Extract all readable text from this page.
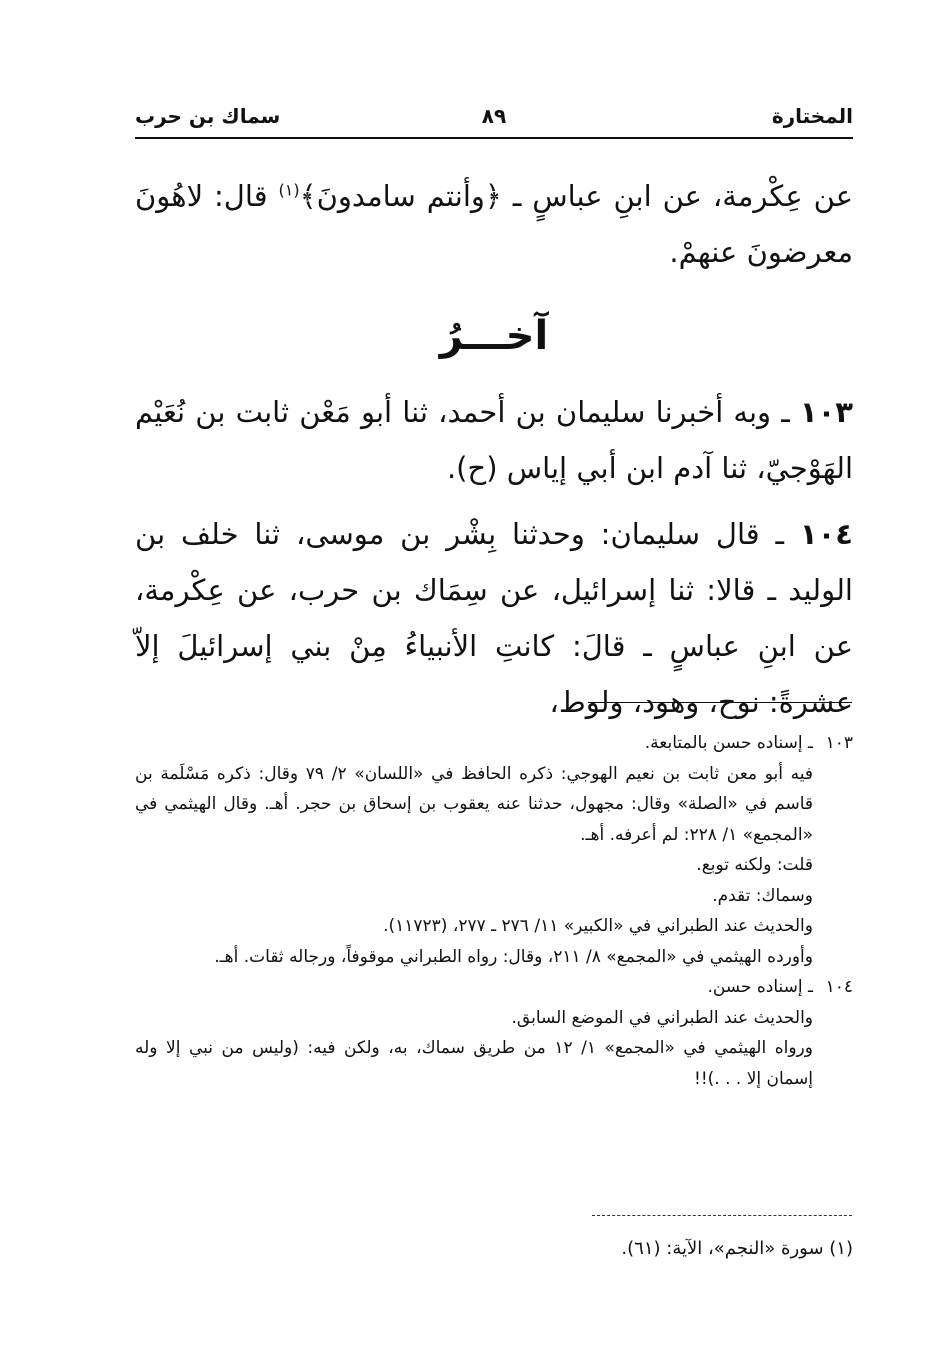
المختارة
٨٩
سماك بن حرب

عن عِكْرمة، عن ابنِ عباسٍ ـ ﴿وأنتم سامدونَ﴾$^{(١)}$ قال: لاهُونَ معرضونَ عنهمْ.

آخـــرُ

١٠٣ ـ وبه أخبرنا سليمان بن أحمد، ثنا أبو مَعْن ثابت بن نُعَيْم الهَوْجيّ، ثنا آدم ابن أبي إياس (ح).

١٠٤ ـ قال سليمان: وحدثنا بِشْر بن موسى، ثنا خلف بن الوليد ـ قالا: ثنا إسرائيل، عن سِمَاك بن حرب، عن عِكْرمة، عن ابنِ عباسٍ ـ قالَ: كانتِ الأنبياءُ مِنْ بني إسرائيلَ إلاّ عشرةً: نوح، وهود، ولوط،

١٠٣
ـ إسناده حسن بالمتابعة.

فيه أبو معن ثابت بن نعيم الهوجي: ذكره الحافظ في «اللسان» ٢/ ٧٩ وقال: ذكره مَسْلَمة بن قاسم في «الصلة» وقال: مجهول، حدثنا عنه يعقوب بن إسحاق بن حجر. أهـ. وقال الهيثمي في «المجمع» ١/ ٢٢٨: لم أعرفه. أهـ.

قلت: ولكنه توبع.

وسماك: تقدم.

والحديث عند الطبراني في «الكبير» ١١/ ٢٧٦ ـ ٢٧٧، (١١٧٢٣).

وأورده الهيثمي في «المجمع» ٨/ ٢١١، وقال: رواه الطبراني موقوفاً، ورجاله ثقات. أهـ.

١٠٤
ـ إسناده حسن.

والحديث عند الطبراني في الموضع السابق.

ورواه الهيثمي في «المجمع» ١/ ١٢ من طريق سماك، به، ولكن فيه: (وليس من نبي إلا وله إسمان إلا . . .)!!

(١) سورة «النجم»، الآية: (٦١).
